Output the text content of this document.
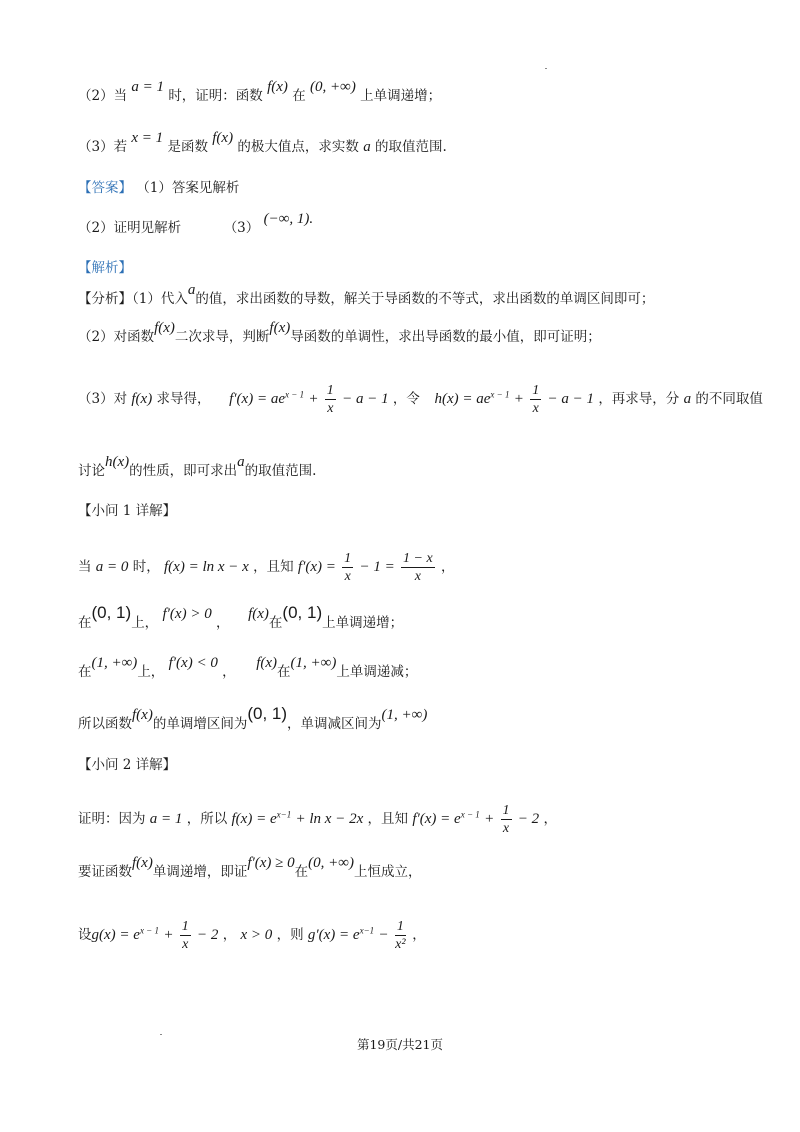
（2）当 a = 1 时，证明：函数 f(x) 在 (0, +∞) 上单调递增；
（3）若 x = 1 是函数 f(x) 的极大值点，求实数 a 的取值范围.
【答案】 （1）答案见解析
（2）证明见解析	（3） (−∞, 1).
【解析】
【分析】（1）代入a的值，求出函数的导数，解关于导函数的不等式，求出函数的单调区间即可；
（2）对函数f(x)二次求导，判断f(x)导函数的单调性，求出导函数的最小值，即可证明；
（3）对 f(x) 求导得， $f'(x) = ae^{x - 1} + \frac{1}{x} - a - 1$ ，令 $h(x) = ae^{x - 1} + \frac{1}{x} - a - 1$ ，再求导，分 a 的不同取值
讨论h(x)的性质，即可求出a的取值范围.
【小问 1 详解】
当 a = 0 时， f(x) = ln x − x ，且知 $f'(x) = \frac{1}{x} - 1 = \frac{1 - x}{x}$ ，
在(0, 1)上， f′(x) > 0 ，  f(x)在(0, 1)上单调递增；
在(1, +∞)上， f′(x) < 0 ，  f(x)在(1, +∞)上单调递减；
所以函数f(x)的单调增区间为(0, 1)，单调减区间为(1, +∞)
【小问 2 详解】
证明：因为 a = 1 ，所以 $f(x) = e^{x-1} + \ln x - 2x$ ，且知 $f'(x) = e^{x - 1} + \frac{1}{x} - 2$ ，
要证函数f(x)单调递增，即证f′(x) ≥ 0在(0, +∞)上恒成立，
设$g(x) = e^{x - 1} + \frac{1}{x} - 2$ ， x > 0 ，则 $g'(x) = e^{x-1} - \frac{1}{\text{x²}}$ ，
第19页/共21页
